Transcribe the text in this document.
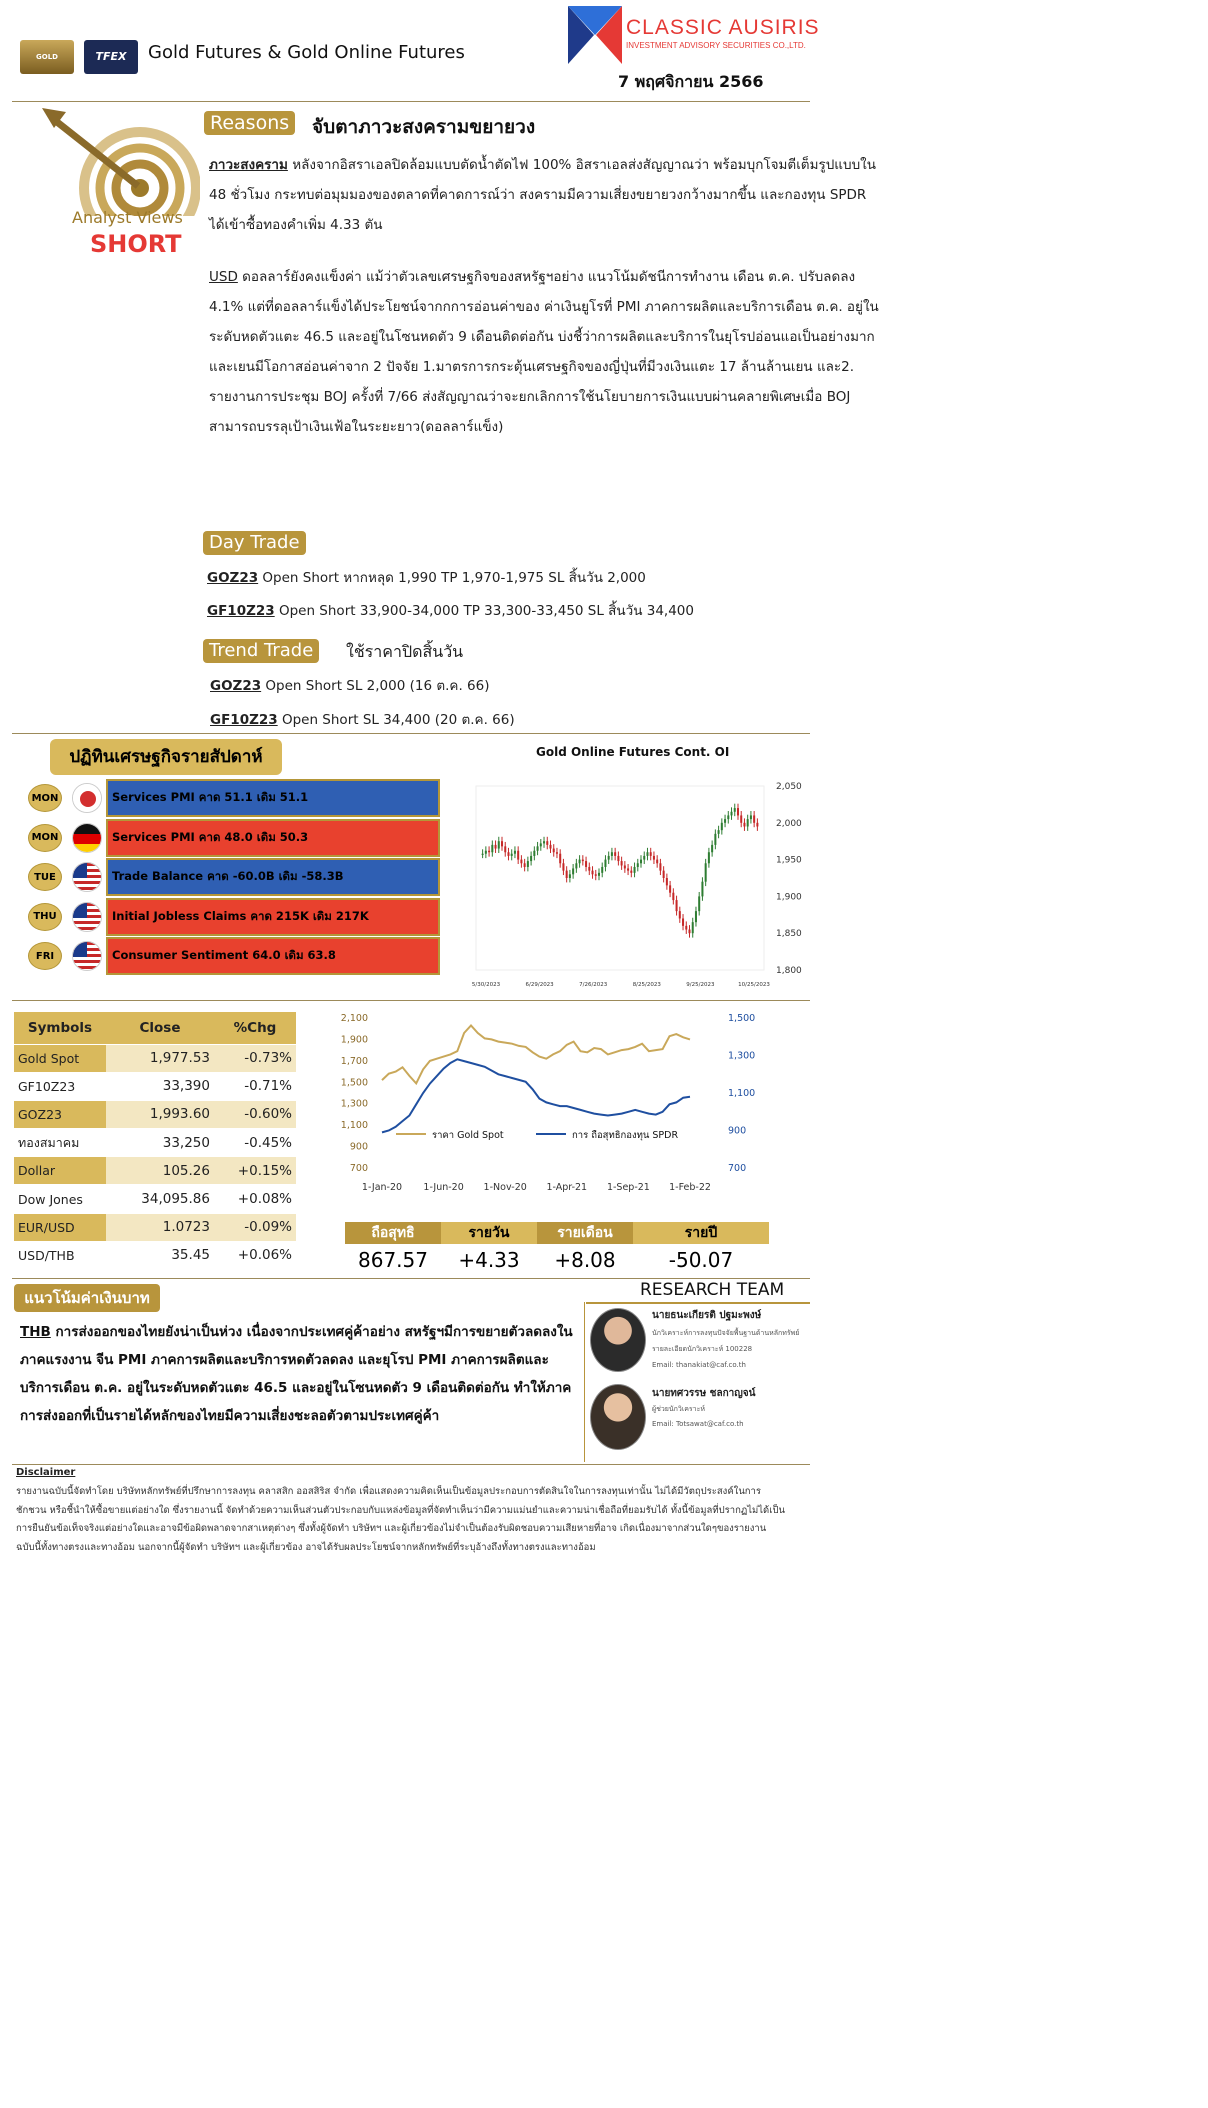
GOLD FUTURES
TFEX	Gold Futures & Gold Online Futures
CLASSIC AUSIRIS
INVESTMENT ADVISORY SECURITIES CO.,LTD.
7 พฤศจิกายน 2566
Analyst Views
SHORT
Reasons	จับตาภาวะสงครามขยายวง
ภาวะสงคราม หลังจากอิสราเอลปิดล้อมแบบตัดน้ำตัดไฟ 100% อิสราเอลส่งสัญญาณว่า พร้อมบุกโจมตีเต็มรูปแบบใน 48 ชั่วโมง กระทบต่อมุมมองของตลาดที่คาดการณ์ว่า สงครามมีความเสี่ยงขยายวงกว้างมากขึ้น และกองทุน SPDR ได้เข้าซื้อทองคำเพิ่ม 4.33 ตัน
USD ดอลลาร์ยังคงแข็งค่า แม้ว่าตัวเลขเศรษฐกิจของสหรัฐฯอย่าง แนวโน้มดัชนีการทำงาน เดือน ต.ค. ปรับลดลง 4.1% แต่ที่ดอลลาร์แข็งได้ประโยชน์จากกการอ่อนค่าของ ค่าเงินยูโรที่ PMI ภาคการผลิตและบริการเดือน ต.ค. อยู่ในระดับหดตัวแตะ 46.5 และอยู่ในโซนหดตัว 9 เดือนติดต่อกัน บ่งชี้ว่าการผลิตและบริการในยุโรปอ่อนแอเป็นอย่างมาก และเยนมีโอกาสอ่อนค่าจาก 2 ปัจจัย 1.มาตรการกระตุ้นเศรษฐกิจของญี่ปุ่นที่มีวงเงินแตะ 17 ล้านล้านเยน และ2. รายงานการประชุม BOJ ครั้งที่ 7/66 ส่งสัญญาณว่าจะยกเลิกการใช้นโยบายการเงินแบบผ่านคลายพิเศษเมื่อ BOJ สามารถบรรลุเป้าเงินเฟ้อในระยะยาว(ดอลลาร์แข็ง)
Day Trade
GOZ23 Open Short หากหลุด 1,990 TP 1,970-1,975 SL สิ้นวัน 2,000
GF10Z23 Open Short 33,900-34,000 TP 33,300-33,450 SL สิ้นวัน 34,400
Trend Trade	ใช้ราคาปิดสิ้นวัน
GOZ23 Open Short SL 2,000 (16 ต.ค. 66)
GF10Z23 Open Short SL 34,400 (20 ต.ค. 66)
ปฏิทินเศรษฐกิจรายสัปดาห์
MON	Services PMI คาด 51.1 เดิม 51.1
MON	Services PMI คาด 48.0 เดิม 50.3
TUE	Trade Balance คาด -60.0B เดิม -58.3B
THU	Initial Jobless Claims คาด 215K เดิม 217K
FRI	Consumer Sentiment 64.0 เดิม 63.8
Gold Online Futures Cont. OI
2,050
2,000
1,950
1,900
1,850
1,800
5/30/2023	6/29/2023	7/26/2023	8/25/2023	9/25/2023	10/25/2023
Symbols	Close	%Chg
Gold Spot	1,977.53	-0.73%
GF10Z23	33,390	-0.71%
GOZ23	1,993.60	-0.60%
ทองสมาคม	33,250	-0.45%
Dollar	105.26	+0.15%
Dow Jones	34,095.86	+0.08%
EUR/USD	1.0723	-0.09%
USD/THB	35.45	+0.06%
2,100
1,900
1,700
1,500
1,300
1,100
900
700
1,500
1,300
1,100
900
700
1-Jan-20 1-Jun-20 1-Nov-20 1-Apr-21 1-Sep-21 1-Feb-22
ราคา Gold Spot	การ ถือสุทธิกองทุน SPDR
ถือสุทธิ	รายวัน	รายเดือน	รายปี
867.57	+4.33	+8.08	-50.07
แนวโน้มค่าเงินบาท
THB การส่งออกของไทยยังน่าเป็นห่วง เนื่องจากประเทศคู่ค้าอย่าง สหรัฐฯมีการขยายตัวลดลงในภาคแรงงาน จีน PMI ภาคการผลิตและบริการหดตัวลดลง และยุโรป PMI ภาคการผลิตและบริการเดือน ต.ค. อยู่ในระดับหดตัวแตะ 46.5 และอยู่ในโซนหดตัว 9 เดือนติดต่อกัน ทำให้ภาคการส่งออกที่เป็นรายได้หลักของไทยมีความเสี่ยงชะลอตัวตามประเทศคู่ค้า
RESEARCH TEAM
นายธนะเกียรติ ปฐมะพงษ์
นักวิเคราะห์การลงทุนปัจจัยพื้นฐานด้านหลักทรัพย์
รายละเอียดนักวิเคราะห์ 100228
Email: thanakiat@caf.co.th
นายทศวรรษ ชลกาญจน์
ผู้ช่วยนักวิเคราะห์
Email: Totsawat@caf.co.th
Disclaimer
รายงานฉบับนี้จัดทำโดย บริษัทหลักทรัพย์ที่ปรึกษาการลงทุน คลาสสิก ออสสิริส จำกัด เพื่อแสดงความคิดเห็นเป็นข้อมูลประกอบการตัดสินใจในการลงทุนเท่านั้น ไม่ได้มีวัตถุประสงค์ในการ
ชักชวน หรือชี้นำให้ซื้อขายแต่อย่างใด ซึ่งรายงานนี้ จัดทำด้วยความเห็นส่วนตัวประกอบกับแหล่งข้อมูลที่จัดทำเห็นว่ามีความแม่นยำและความน่าเชื่อถือที่ยอมรับได้ ทั้งนี้ข้อมูลที่ปรากฏไม่ได้เป็น
การยืนยันข้อเท็จจริงแต่อย่างใดและอาจมีข้อผิดพลาดจากสาเหตุต่างๆ ซึ่งทั้งผู้จัดทำ บริษัทฯ และผู้เกี่ยวข้องไม่จำเป็นต้องรับผิดชอบความเสียหายที่อาจ เกิดเนื่องมาจากส่วนใดๆของรายงาน
ฉบับนี้ทั้งทางตรงและทางอ้อม นอกจากนี้ผู้จัดทำ บริษัทฯ และผู้เกี่ยวข้อง อาจได้รับผลประโยชน์จากหลักทรัพย์ที่ระบุอ้างถึงทั้งทางตรงและทางอ้อม
